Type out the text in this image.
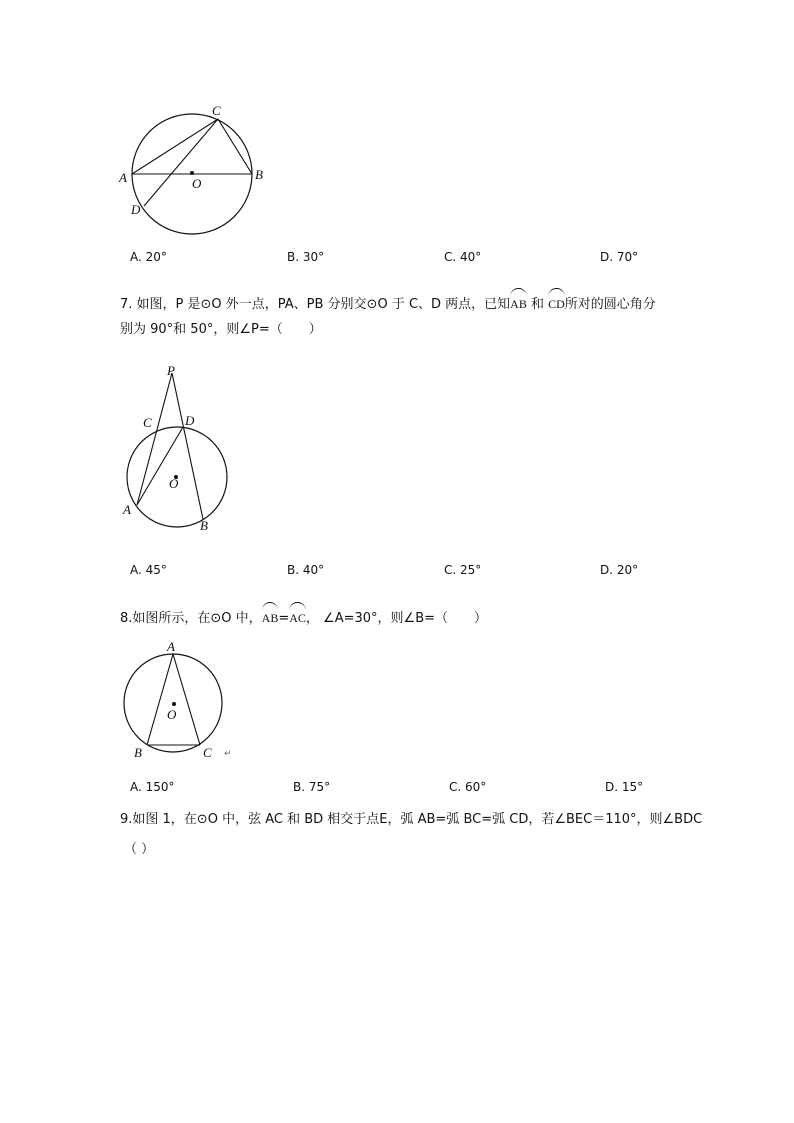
A	B
C
D
O
A. 20°	B. 30°	C. 40°	D. 70°
7. 如图，P 是⊙O 外一点，PA、PB 分别交⊙O 于 C、D 两点，已知AB 和 CD所对的圆心角分
别为 90°和 50°，则∠P=（　　）
P
C	D
A
B
O
A. 45°	B. 40°	C. 25°	D. 20°
8.如图所示，在⊙O 中，AB=AC， ∠A=30°，则∠B=（　　）
A
B	C
O
↵
A. 150°	B. 75°	C. 60°	D. 15°
9.如图 1，在⊙O 中，弦 AC 和 BD 相交于点E，弧 AB=弧 BC=弧 CD，若∠BEC＝110°，则∠BDC
（ ）
